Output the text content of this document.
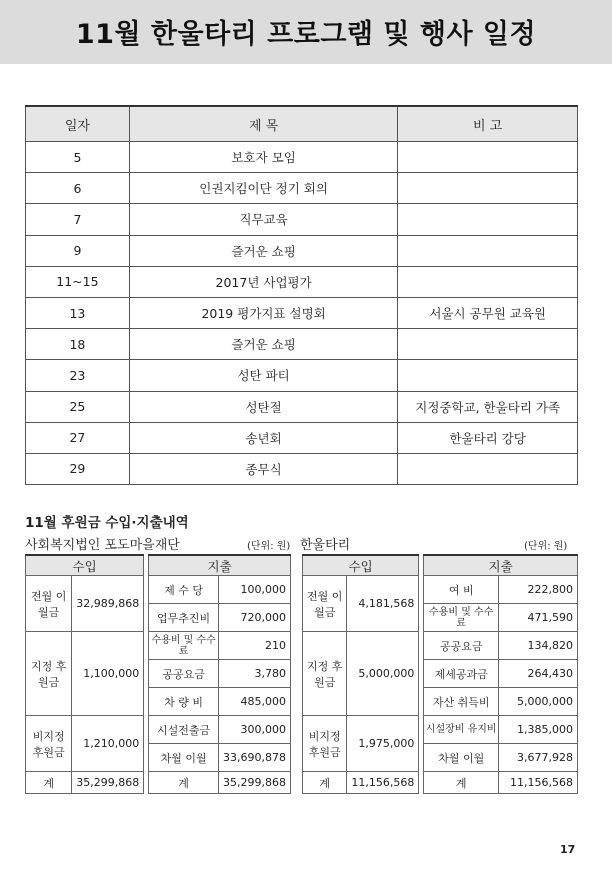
11월 한울타리 프로그램 및 행사 일정
일자	제 목	비 고
5	보호자 모임	
6	인권지킴이단 정기 회의	
7	직무교육	
9	즐거운 쇼핑	
11~15	2017년 사업평가	
13	2019 평가지표 설명회	서울시 공무원 교육원
18	즐거운 쇼핑	
23	성탄 파티	
25	성탄절	지정중학교, 한울타리 가족
27	송년회	한울타리 강당
29	종무식	
11월 후원금 수입·지출내역
사회복지법인 포도마을재단	(단위: 원) 한울타리	(단위: 원)
수입			지출	
전월 이월금	32,989,868		제 수 당	100,000
			업무추진비	720,000
지정 후원금	1,100,000		수용비 및 수수료	210
			공공요금	3,780
			차 량 비	485,000
비지정 후원금	1,210,000		시설전출금	300,000
			차월 이월	33,690,878
계	35,299,868		계	35,299,868
수입			지출	
전월 이월금	4,181,568		여 비	222,800
			수용비 및 수수료	471,590
지정 후원금	5,000,000		공공요금	134,820
			제세공과금	264,430
			자산 취득비	5,000,000
비지정 후원금	1,975,000		시설장비 유지비	1,385,000
			차월 이월	3,677,928
계	11,156,568		계	11,156,568
17
